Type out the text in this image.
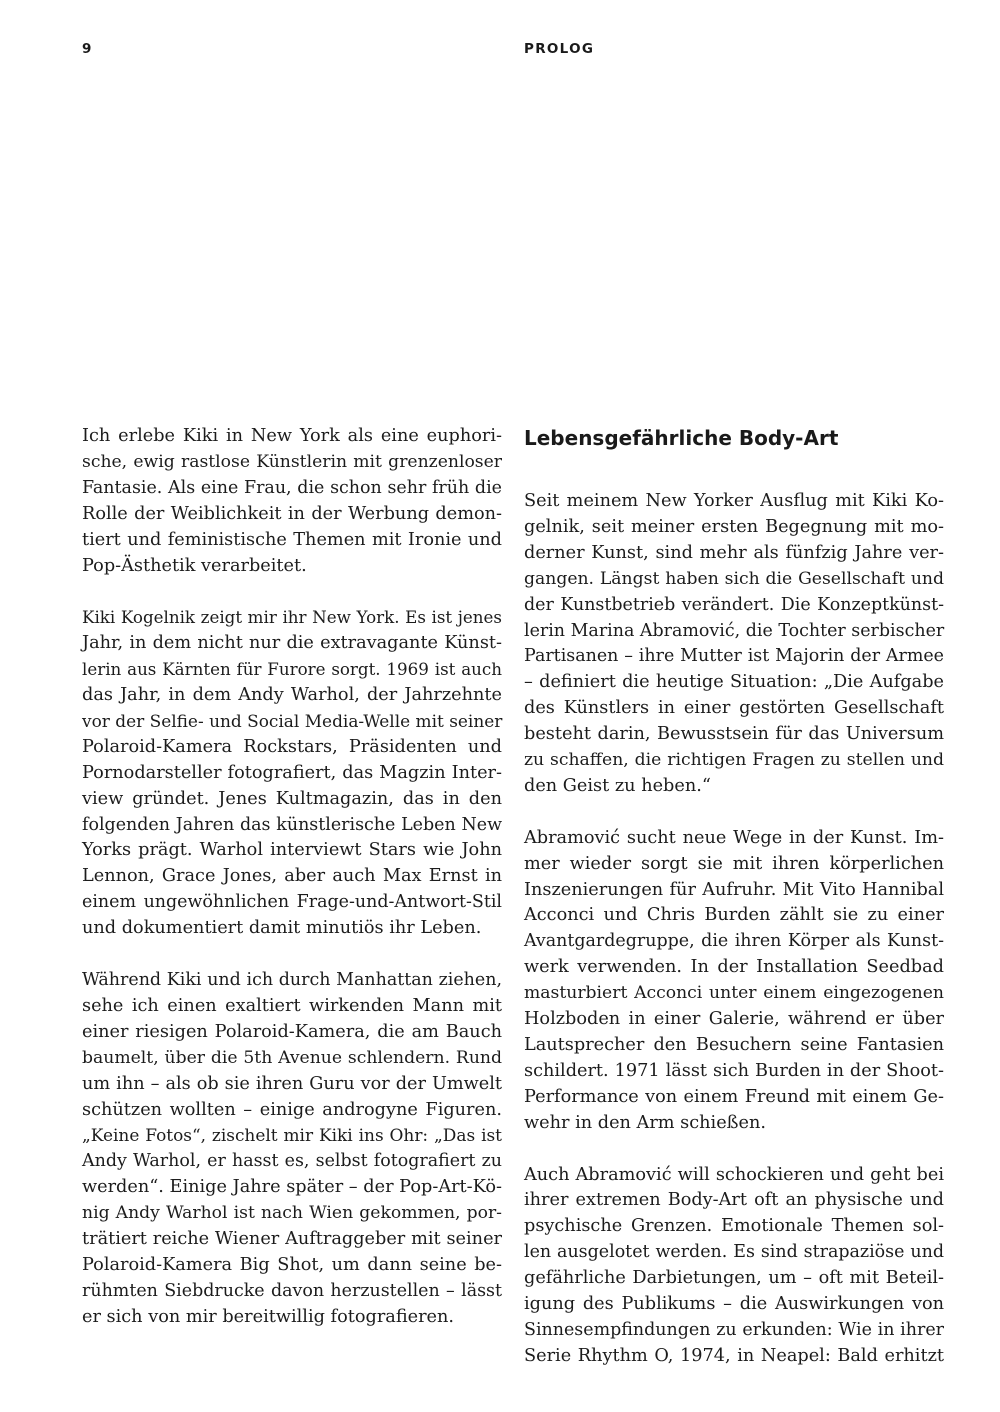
9	PROLOG

Ich erlebe Kiki in New York als eine euphori-
sche, ewig rastlose Künstlerin mit grenzenloser
Fantasie. Als eine Frau, die schon sehr früh die
Rolle der Weiblichkeit in der Werbung demon-
tiert und feministische Themen mit Ironie und
Pop-Ästhetik verarbeitet.

Kiki Kogelnik zeigt mir ihr New York. Es ist jenes
Jahr, in dem nicht nur die extravagante Künst-
lerin aus Kärnten für Furore sorgt. 1969 ist auch
das Jahr, in dem Andy Warhol, der Jahrzehnte
vor der Selfie- und Social Media-Welle mit seiner
Polaroid-Kamera Rockstars, Präsidenten und
Pornodarsteller fotografiert, das Magzin Inter-
view gründet. Jenes Kultmagazin, das in den
folgenden Jahren das künstlerische Leben New
Yorks prägt. Warhol interviewt Stars wie John
Lennon, Grace Jones, aber auch Max Ernst in
einem ungewöhnlichen Frage-und-Antwort-Stil
und dokumentiert damit minutiös ihr Leben.

Während Kiki und ich durch Manhattan ziehen,
sehe ich einen exaltiert wirkenden Mann mit
einer riesigen Polaroid-Kamera, die am Bauch
baumelt, über die 5th Avenue schlendern. Rund
um ihn – als ob sie ihren Guru vor der Umwelt
schützen wollten – einige androgyne Figuren.
„Keine Fotos“, zischelt mir Kiki ins Ohr: „Das ist
Andy Warhol, er hasst es, selbst fotografiert zu
werden“. Einige Jahre später – der Pop-Art-Kö-
nig Andy Warhol ist nach Wien gekommen, por-
trätiert reiche Wiener Auftraggeber mit seiner
Polaroid-Kamera Big Shot, um dann seine be-
rühmten Siebdrucke davon herzustellen – lässt
er sich von mir bereitwillig fotografieren.

Lebensgefährliche Body-Art

Seit meinem New Yorker Ausflug mit Kiki Ko-
gelnik, seit meiner ersten Begegnung mit mo-
derner Kunst, sind mehr als fünfzig Jahre ver-
gangen. Längst haben sich die Gesellschaft und
der Kunstbetrieb verändert. Die Konzeptkünst-
lerin Marina Abramović, die Tochter serbischer
Partisanen – ihre Mutter ist Majorin der Armee
– definiert die heutige Situation: „Die Aufgabe
des Künstlers in einer gestörten Gesellschaft
besteht darin, Bewusstsein für das Universum
zu schaffen, die richtigen Fragen zu stellen und
den Geist zu heben.“

Abramović sucht neue Wege in der Kunst. Im-
mer wieder sorgt sie mit ihren körperlichen
Inszenierungen für Aufruhr. Mit Vito Hannibal
Acconci und Chris Burden zählt sie zu einer
Avantgardegruppe, die ihren Körper als Kunst-
werk verwenden. In der Installation Seedbad
masturbiert Acconci unter einem eingezogenen
Holzboden in einer Galerie, während er über
Lautsprecher den Besuchern seine Fantasien
schildert. 1971 lässt sich Burden in der Shoot-
Performance von einem Freund mit einem Ge-
wehr in den Arm schießen.

Auch Abramović will schockieren und geht bei
ihrer extremen Body-Art oft an physische und
psychische Grenzen. Emotionale Themen sol-
len ausgelotet werden. Es sind strapaziöse und
gefährliche Darbietungen, um – oft mit Beteil-
igung des Publikums – die Auswirkungen von
Sinnesempfindungen zu erkunden: Wie in ihrer
Serie Rhythm O, 1974, in Neapel: Bald erhitzt
